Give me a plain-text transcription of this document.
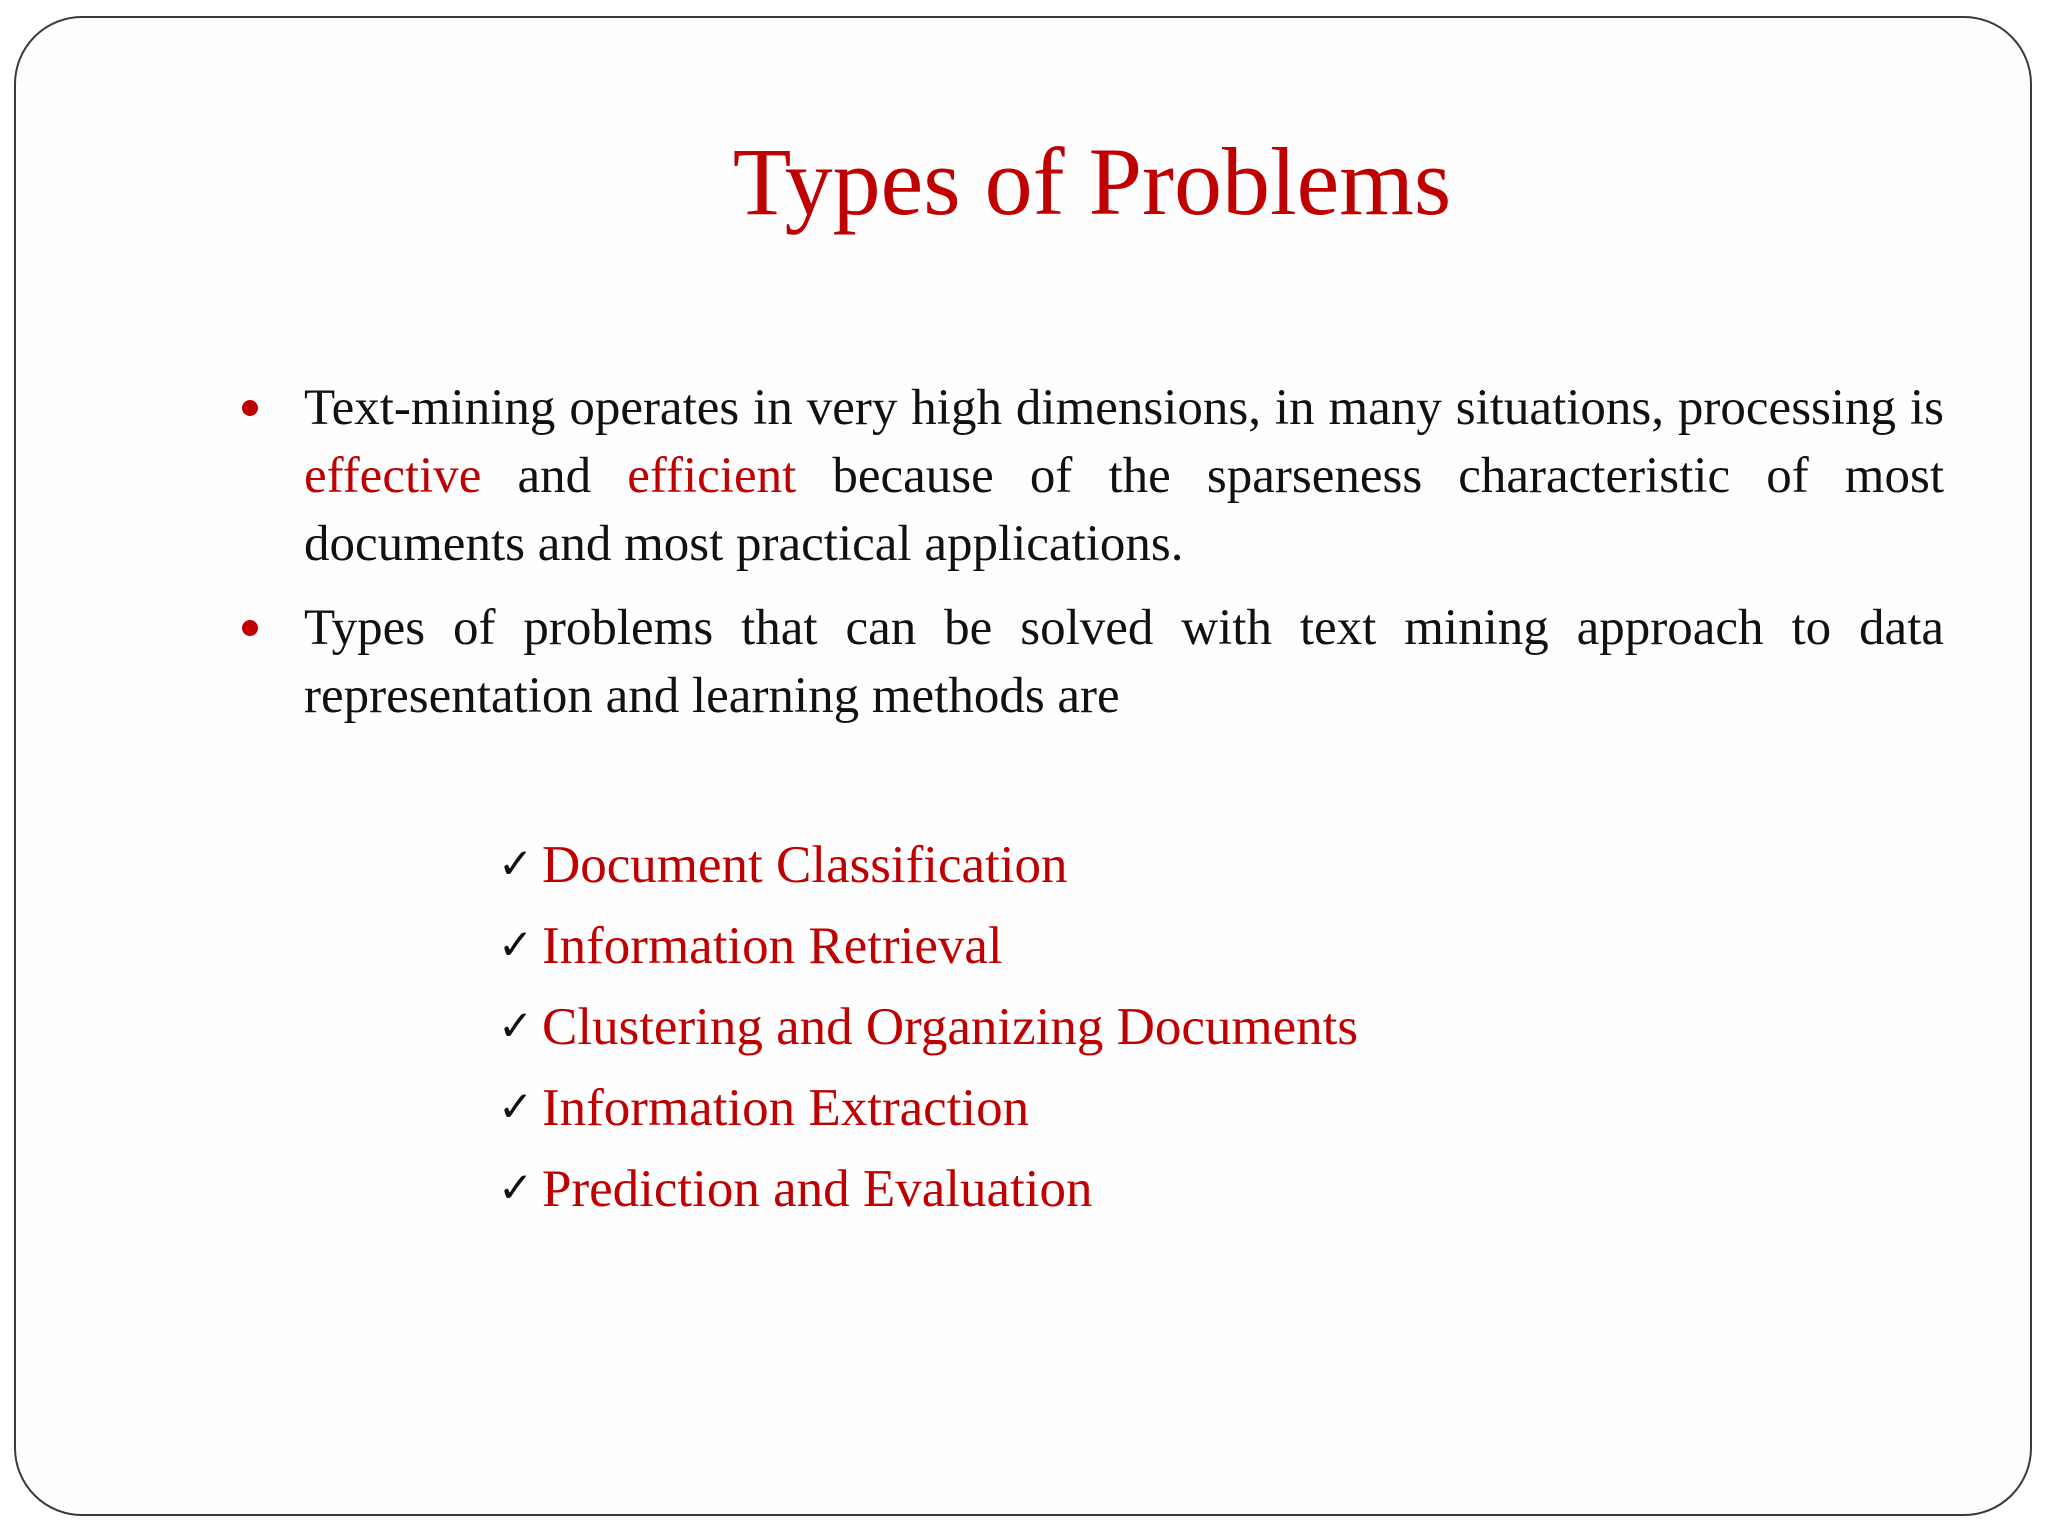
Types of Problems
Text-mining operates in very high dimensions, in many situations, processing is effective and efficient because of the sparseness characteristic of most documents and most practical applications.
Types of problems that can be solved with text mining approach to data representation and learning methods are
✓ Document Classification
✓ Information Retrieval
✓ Clustering and Organizing Documents
✓ Information Extraction
✓ Prediction and Evaluation
